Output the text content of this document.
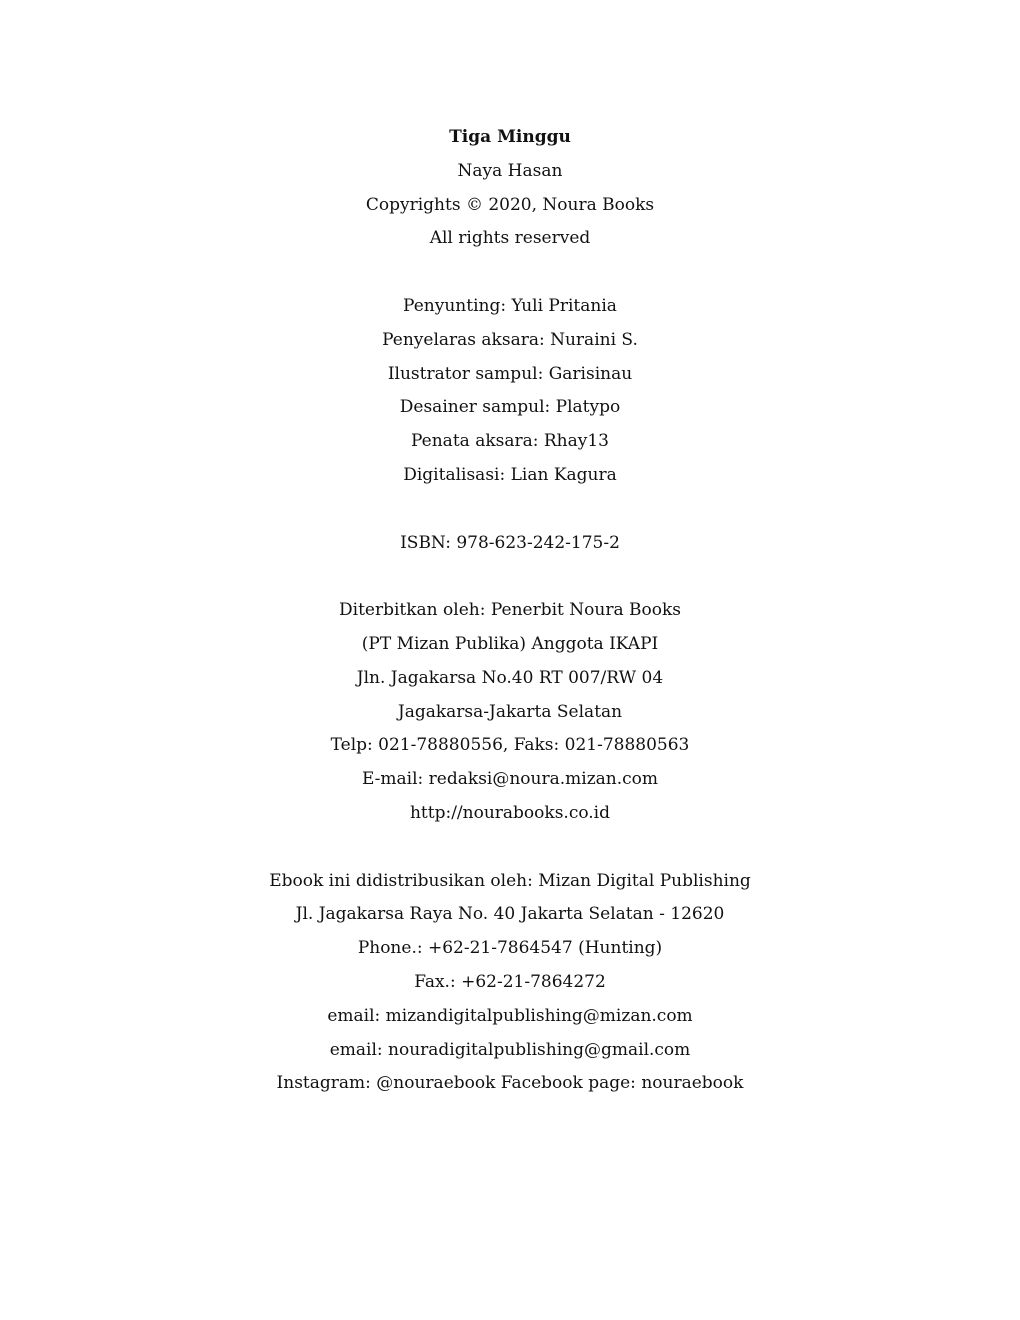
Tiga Minggu
Naya Hasan
Copyrights © 2020, Noura Books
All rights reserved
Penyunting: Yuli Pritania
Penyelaras aksara: Nuraini S.
Ilustrator sampul: Garisinau
Desainer sampul: Platypo
Penata aksara: Rhay13
Digitalisasi: Lian Kagura
ISBN: 978-623-242-175-2
Diterbitkan oleh: Penerbit Noura Books
(PT Mizan Publika) Anggota IKAPI
Jln. Jagakarsa No.40 RT 007/RW 04
Jagakarsa-Jakarta Selatan
Telp: 021-78880556, Faks: 021-78880563
E-mail: redaksi@noura.mizan.com
http://nourabooks.co.id
Ebook ini didistribusikan oleh: Mizan Digital Publishing
Jl. Jagakarsa Raya No. 40 Jakarta Selatan - 12620
Phone.: +62-21-7864547 (Hunting)
Fax.: +62-21-7864272
email: mizandigitalpublishing@mizan.com
email: nouradigitalpublishing@gmail.com
Instagram: @nouraebook Facebook page: nouraebook
